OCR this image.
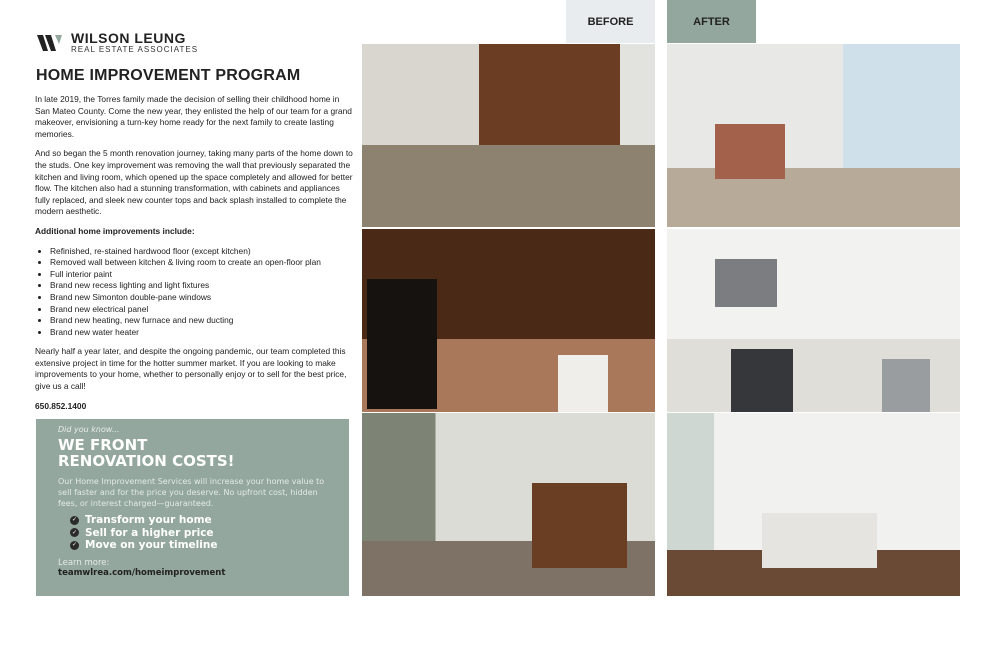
WILSON LEUNG
REAL ESTATE ASSOCIATES
HOME IMPROVEMENT PROGRAM

In late 2019, the Torres family made the decision of selling their childhood home in San Mateo County. Come the new year, they enlisted the help of our team for a grand makeover, envisioning a turn-key home ready for the next family to create lasting memories.

And so began the 5 month renovation journey, taking many parts of the home down to the studs. One key improvement was removing the wall that previously separated the kitchen and living room, which opened up the space completely and allowed for better flow. The kitchen also had a stunning transformation, with cabinets and appliances fully replaced, and sleek new counter tops and back splash installed to complete the modern aesthetic.

Additional home improvements include:

• Refinished, re-stained hardwood floor (except kitchen)
• Removed wall between kitchen & living room to create an open-floor plan
• Full interior paint
• Brand new recess lighting and light fixtures
• Brand new Simonton double-pane windows
• Brand new electrical panel
• Brand new heating, new furnace and new ducting
• Brand new water heater

Nearly half a year later, and despite the ongoing pandemic, our team completed this extensive project in time for the hotter summer market. If you are looking to make improvements to your home, whether to personally enjoy or to sell for the best price, give us a call!

650.852.1400

Did you know...
WE FRONT
RENOVATION COSTS!
Our Home Improvement Services will increase your home value to sell faster and for the price you deserve. No upfront cost, hidden fees, or interest charged—guaranteed.
✓ Transform your home
✓ Sell for a higher price
✓ Move on your timeline
Learn more:
teamwlrea.com/homeimprovement
BEFORE	AFTER
